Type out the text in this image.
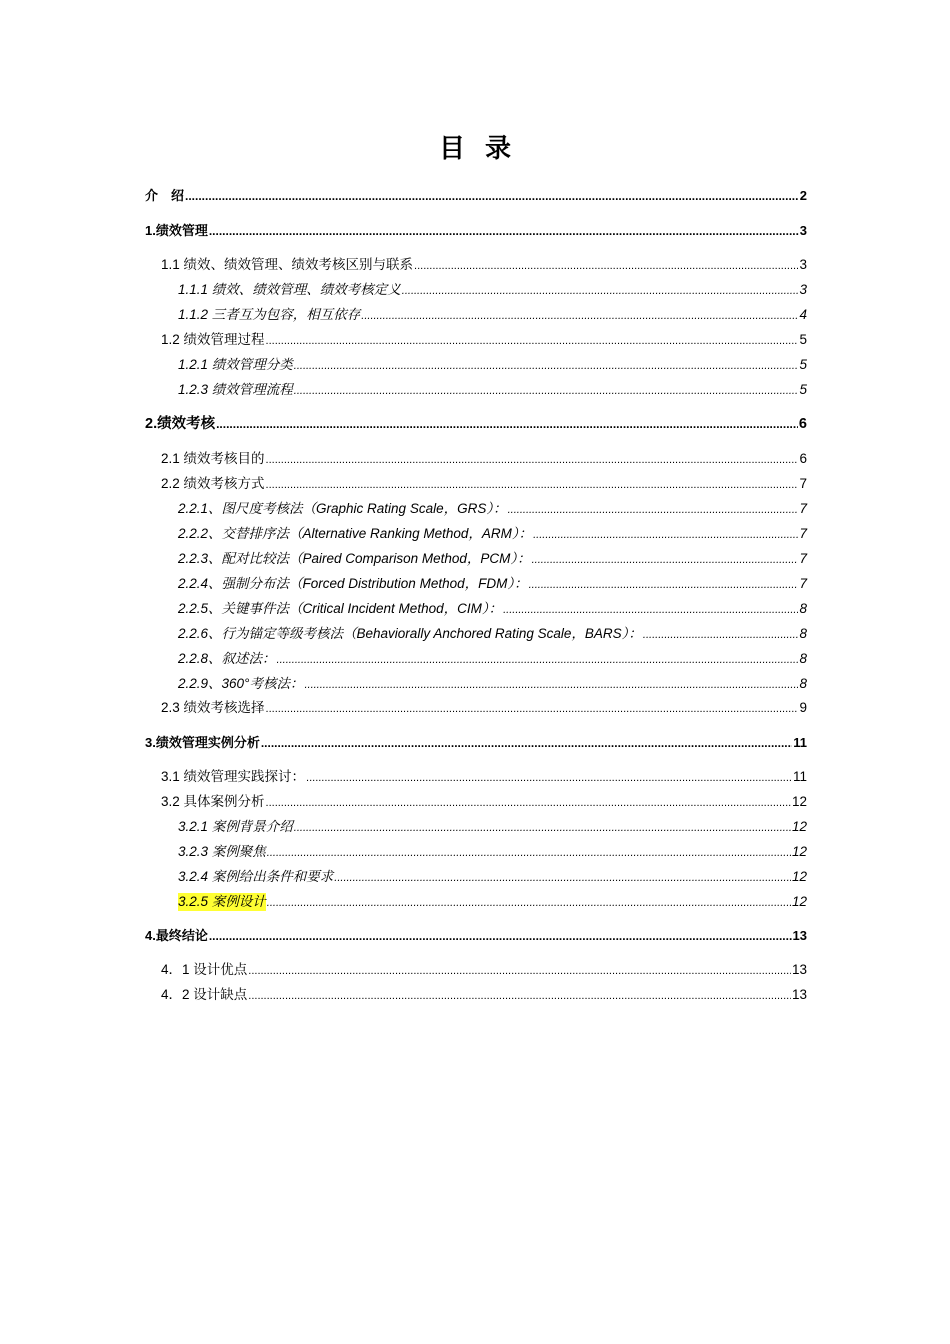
目录
介　绍 .....	2
1.绩效管理 .....	3
1.1 绩效、绩效管理、绩效考核区别与联系 .....	3
1.1.1 绩效、绩效管理、绩效考核定义 .....	3
1.1.2 三者互为包容，相互依存 .....	4
1.2 绩效管理过程 .....	5
1.2.1 绩效管理分类 .....	5
1.2.3 绩效管理流程 .....	5
2.绩效考核 .....	6
2.1 绩效考核目的 .....	6
2.2 绩效考核方式 .....	7
2.2.1、图尺度考核法（Graphic Rating Scale，GRS）： .....	7
2.2.2、交替排序法（Alternative Ranking Method，ARM）： .....	7
2.2.3、配对比较法（Paired Comparison Method，PCM）： .....	7
2.2.4、强制分布法（Forced Distribution Method，FDM）： .....	7
2.2.5、关键事件法（Critical Incident Method，CIM）： .....	8
2.2.6、行为锚定等级考核法（Behaviorally Anchored Rating Scale，BARS）： .....	8
2.2.8、叙述法： .....	8
2.2.9、360°考核法： .....	8
2.3 绩效考核选择 .....	9
3.绩效管理实例分析 .....	11
3.1 绩效管理实践探讨： .....	11
3.2 具体案例分析 .....	12
3.2.1 案例背景介绍 .....	12
3.2.3 案例聚焦 .....	12
3.2.4 案例给出条件和要求 .....	12
3.2.5 案例设计 .....	12
4.最终结论 .....	13
4．1 设计优点 .....	13
4．2 设计缺点 .....	13
